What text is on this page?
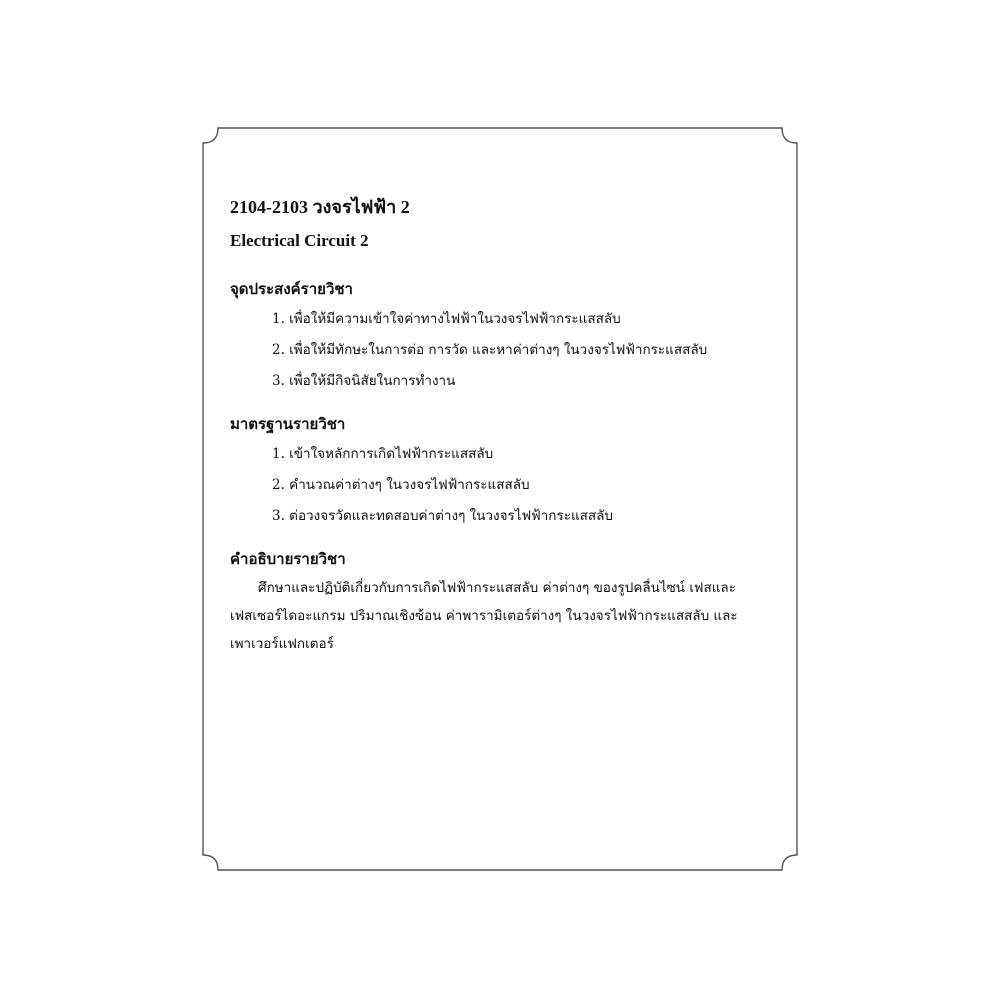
2104-2103 วงจรไฟฟ้า 2
Electrical Circuit 2
จุดประสงค์รายวิชา
1. เพื่อให้มีความเข้าใจค่าทางไฟฟ้าในวงจรไฟฟ้ากระแสสลับ
2. เพื่อให้มีทักษะในการต่อ การวัด และหาค่าต่างๆ ในวงจรไฟฟ้ากระแสสลับ
3. เพื่อให้มีกิจนิสัยในการทำงาน
มาตรฐานรายวิชา
1. เข้าใจหลักการเกิดไฟฟ้ากระแสสลับ
2. คำนวณค่าต่างๆ ในวงจรไฟฟ้ากระแสสลับ
3. ต่อวงจรวัดและทดสอบค่าต่างๆ ในวงจรไฟฟ้ากระแสสลับ
คำอธิบายรายวิชา

ศึกษาและปฏิบัติเกี่ยวกับการเกิดไฟฟ้ากระแสสลับ ค่าต่างๆ ของรูปคลื่นไซน์ เฟสและ
เฟสเซอร์ไดอะแกรม ปริมาณเชิงซ้อน ค่าพารามิเตอร์ต่างๆ ในวงจรไฟฟ้ากระแสสลับ และ
เพาเวอร์แฟกเตอร์
